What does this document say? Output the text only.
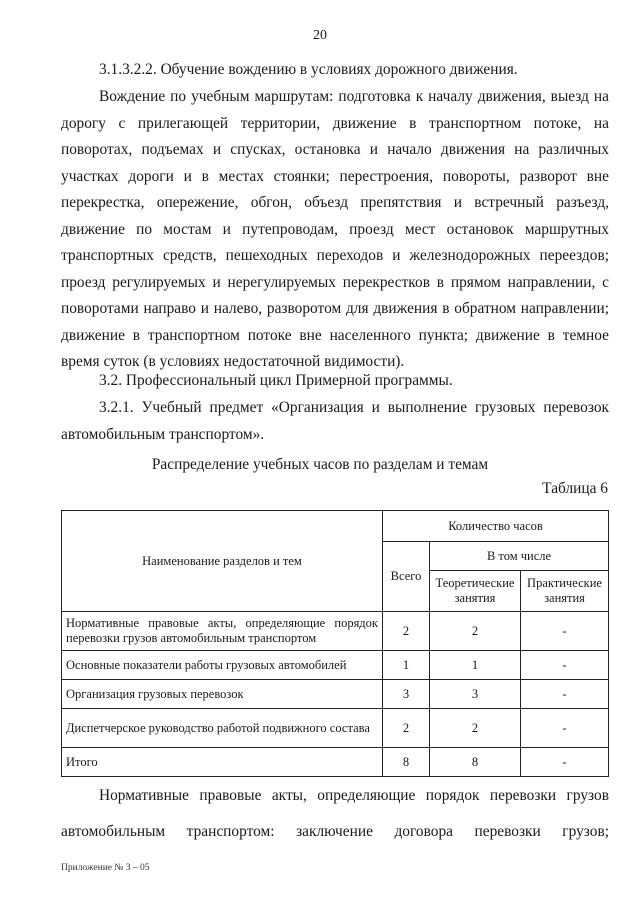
20

3.1.3.2.2. Обучение вождению в условиях дорожного движения.

Вождение по учебным маршрутам: подготовка к началу движения, выезд на дорогу с прилегающей территории, движение в транспортном потоке, на поворотах, подъемах и спусках, остановка и начало движения на различных участках дороги и в местах стоянки; перестроения, повороты, разворот вне перекрестка, опережение, обгон, объезд препятствия и встречный разъезд, движение по мостам и путепроводам, проезд мест остановок маршрутных транспортных средств, пешеходных переходов и железнодорожных переездов; проезд регулируемых и нерегулируемых перекрестков в прямом направлении, с поворотами направо и налево, разворотом для движения в обратном направлении; движение в транспортном потоке вне населенного пункта; движение в темное время суток (в условиях недостаточной видимости).

3.2. Профессиональный цикл Примерной программы.

3.2.1. Учебный предмет «Организация и выполнение грузовых перевозок автомобильным транспортом».

Распределение учебных часов по разделам и темам
Таблица 6
Наименование разделов и тем	Количество часов		
	Всего	В том числе	
		Теоретические занятия	Практические занятия
Нормативные правовые акты, определяющие порядок перевозки грузов автомобильным транспортом	2	2	-
Основные показатели работы грузовых автомобилей	1	1	-
Организация грузовых перевозок	3	3	-
Диспетчерское руководство работой подвижного состава	2	2	-
Итого	8	8	-

Нормативные правовые акты, определяющие порядок перевозки грузов автомобильным транспортом: заключение договора перевозки грузов;

Приложение № 3 – 05
